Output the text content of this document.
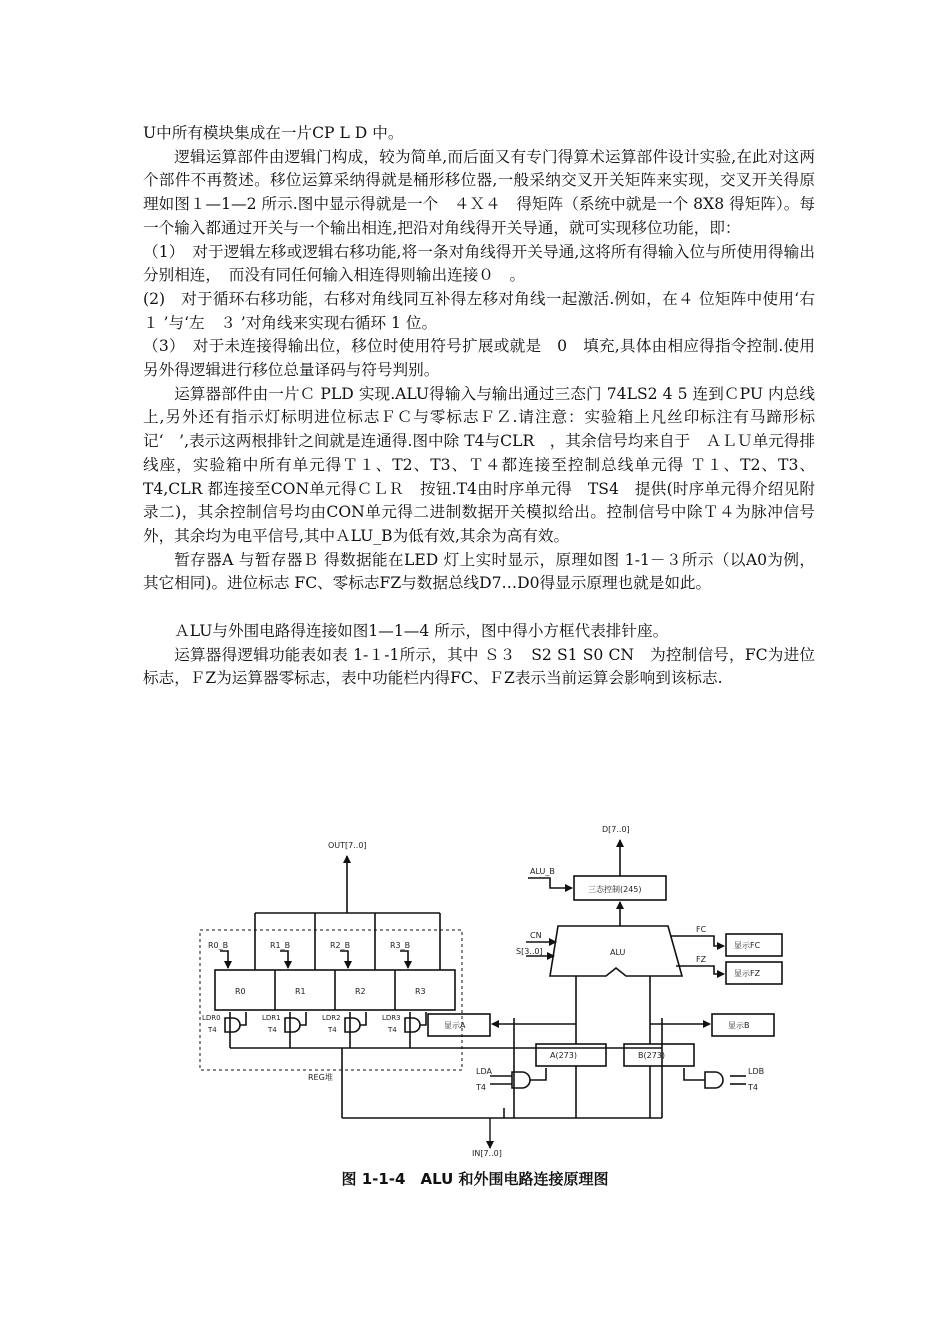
U中所有模块集成在一片CP L D 中。

逻辑运算部件由逻辑门构成，较为简单,而后面又有专门得算术运算部件设计实验,在此对这两个部件不再赘述。移位运算采纳得就是桶形移位器,一般采纳交叉开关矩阵来实现，交叉开关得原理如图１—1—2 所示.图中显示得就是一个　４Ｘ４　得矩阵（系统中就是一个 8X8 得矩阵）。每一个输入都通过开关与一个输出相连,把沿对角线得开关导通，就可实现移位功能，即：

（1）　对于逻辑左移或逻辑右移功能,将一条对角线得开关导通,这将所有得输入位与所使用得输出分别相连，　而没有同任何输入相连得则输出连接０　。

(2)　对于循环右移功能，右移对角线同互补得左移对角线一起激活.例如，在４ 位矩阵中使用‘右１ ’与‘左　３ ’对角线来实现右循环 1 位。

（3）　对于未连接得输出位，移位时使用符号扩展或就是　0　填充,具体由相应得指令控制.使用另外得逻辑进行移位总量译码与符号判别。

运算器部件由一片Ｃ PLD 实现.ALU得输入与输出通过三态门 74LS2 4 5 连到ＣPU 内总线上,另外还有指示灯标明进位标志ＦＣ与零标志ＦＺ.请注意：实验箱上凡丝印标注有马蹄形标记‘　’,表示这两根排针之间就是连通得.图中除 T4与CLR　，其余信号均来自于　ＡＬＵ单元得排线座，实验箱中所有单元得Ｔ１、T2、T3、Ｔ４都连接至控制总线单元得 Ｔ１、T2、T3、T4,CLR 都连接至CON单元得ＣＬＲ　按钮.T4由时序单元得　TS4　提供(时序单元得介绍见附录二)，其余控制信号均由CON单元得二进制数据开关模拟给出。控制信号中除Ｔ４为脉冲信号外，其余均为电平信号,其中ＡLU_B为低有效,其余为高有效。

暂存器A 与暂存器Ｂ 得数据能在LED 灯上实时显示，原理如图 1-1－３所示（以A0为例，其它相同)。进位标志 FC、零标志FZ与数据总线D7…D0得显示原理也就是如此。

ＡLU与外围电路得连接如图1—1—4 所示，图中得小方框代表排针座。

运算器得逻辑功能表如表 1-１-1所示，其中 Ｓ３　S2 S1 S0 CN　为控制信号，FC为进位标志，ＦZ为运算器零标志，表中功能栏内得FC、ＦZ表示当前运算会影响到该标志.

OUT[7..0]
D[7..0]
IN[7..0]
REG堆
R0	R1	R2	R3
R0_B	R1_B	R2_B	R3_B
LDR0	LDR1	LDR2	LDR3
T4	T4	T4	T4
ALU_B
三态控制(245)
ALU
CN
S[3..0]
FC
FZ
显示FC
显示FZ
显示A	显示B
A(273)	B(273)
LDA
T4
LDB
T4
图 1-1-4　ALU 和外围电路连接原理图
